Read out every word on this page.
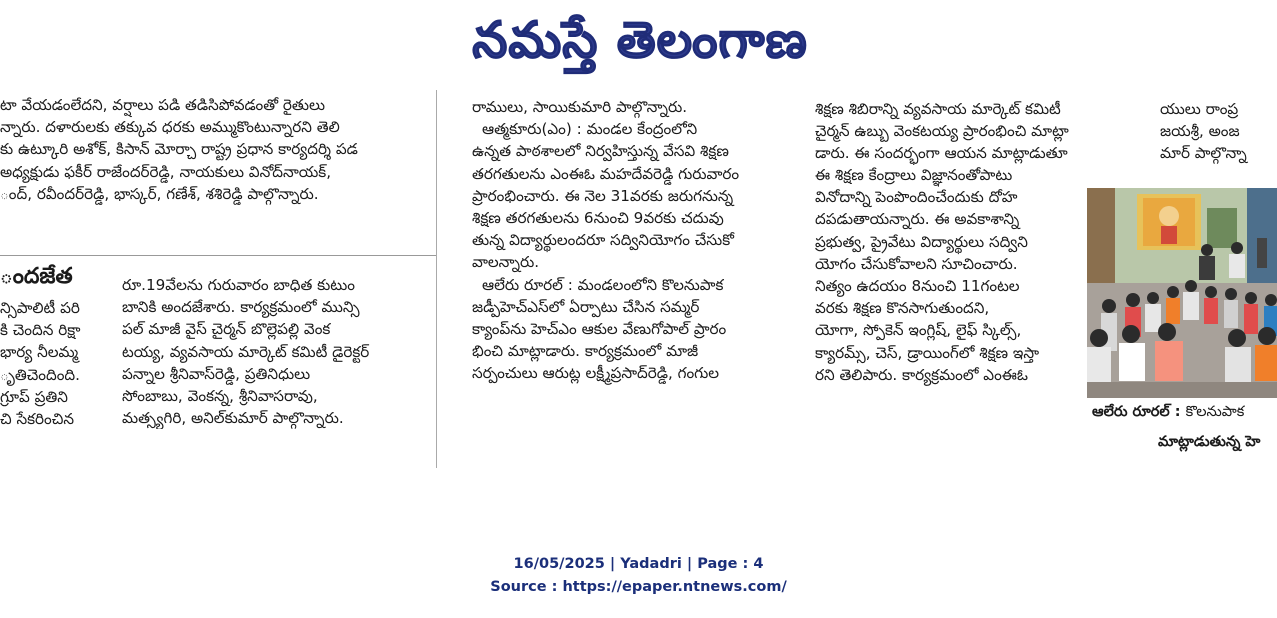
నమస్తే తెలంగాణ

టా వేయడంలేదని, వర్షాలు పడి తడిసిపోవడంతో రైతులు

న్నారు. దళారులకు తక్కువ ధరకు అమ్ముకొంటున్నారని తెలి

కు ఉట్కూరి అశోక్, కిసాన్ మోర్చా రాష్ట్ర ప్రధాన కార్యదర్శి పడ

అధ్యక్షుడు ఫకీర్ రాజేందర్‌రెడ్డి, నాయకులు వినోద్‌నాయక్,

ంద్, రవీందర్‌రెడ్డి, భాస్కర్, గణేశ్, శశిరెడ్డి పాల్గొన్నారు.

ందజేత

న్సిపాలిటీ పరి

కి చెందిన రిక్షా

భార్య నీలమ్మ

ృతిచెందింది.

గ్రూప్ ప్రతిని

చి సేకరించిన

రూ.19వేలను గురువారం బాధిత కుటుం

బానికి అందజేశారు. కార్యక్రమంలో మున్సి

పల్ మాజీ వైస్ చైర్మన్ బొల్లెపల్లి వెంక

టయ్య, వ్యవసాయ మార్కెట్ కమిటీ డైరెక్టర్

పన్నాల శ్రీనివాస్‌రెడ్డి, ప్రతినిధులు

సోంబాబు, వెంకన్న, శ్రీనివాసరావు,

మత్స్యగిరి, అనిల్‌కుమార్ పాల్గొన్నారు.

రాములు, సాయికుమారి పాల్గొన్నారు.

ఆత్మకూరు(ఎం) : మండల కేంద్రంలోని

ఉన్నత పాఠశాలలో నిర్వహిస్తున్న వేసవి శిక్షణ

తరగతులను ఎంఈఓ మహదేవరెడ్డి గురువారం

ప్రారంభించారు. ఈ నెల 31వరకు జరుగనున్న

శిక్షణ తరగతులను 6నుంచి 9వరకు చదువు

తున్న విద్యార్థులందరూ సద్వినియోగం చేసుకో

వాలన్నారు.

ఆలేరు రూరల్ : మండలంలోని కొలనుపాక

జడ్పీహెచ్‌ఎస్‌లో ఏర్పాటు చేసిన సమ్మర్

క్యాంప్‌ను హెచ్ఎం ఆకుల వేణుగోపాల్ ప్రారం

భించి మాట్లాడారు. కార్యక్రమంలో మాజీ

సర్పంచులు ఆరుట్ల లక్ష్మీప్రసాద్‌రెడ్డి, గంగుల

శిక్షణ శిబిరాన్ని వ్యవసాయ మార్కెట్ కమిటీ

చైర్మన్ ఉబ్బు వెంకటయ్య ప్రారంభించి మాట్లా

డారు. ఈ సందర్భంగా ఆయన మాట్లాడుతూ

ఈ శిక్షణ కేంద్రాలు విజ్ఞానంతోపాటు

వినోదాన్ని పెంపొందించేందుకు దోహ

దపడుతాయన్నారు. ఈ అవకాశాన్ని

ప్రభుత్వ, ప్రైవేటు విద్యార్థులు సద్విని

యోగం చేసుకోవాలని సూచించారు.

నిత్యం ఉదయం 8నుంచి 11గంటల

వరకు శిక్షణ కొనసాగుతుందని,

యోగా, స్పోకెన్ ఇంగ్లిష్, లైఫ్ స్కిల్స్,

క్యారమ్స్, చెస్, డ్రాయింగ్‌లో శిక్షణ ఇస్తా

రని తెలిపారు. కార్యక్రమంలో ఎంఈఓ

యులు రాంప్ర

జయశ్రీ, అంజ

మార్ పాల్గొన్నా

ఆలేరు రూరల్ : కొలనుపాక
మాట్లాడుతున్న హె
16/05/2025 | Yadadri | Page : 4
Source : https://epaper.ntnews.com/
